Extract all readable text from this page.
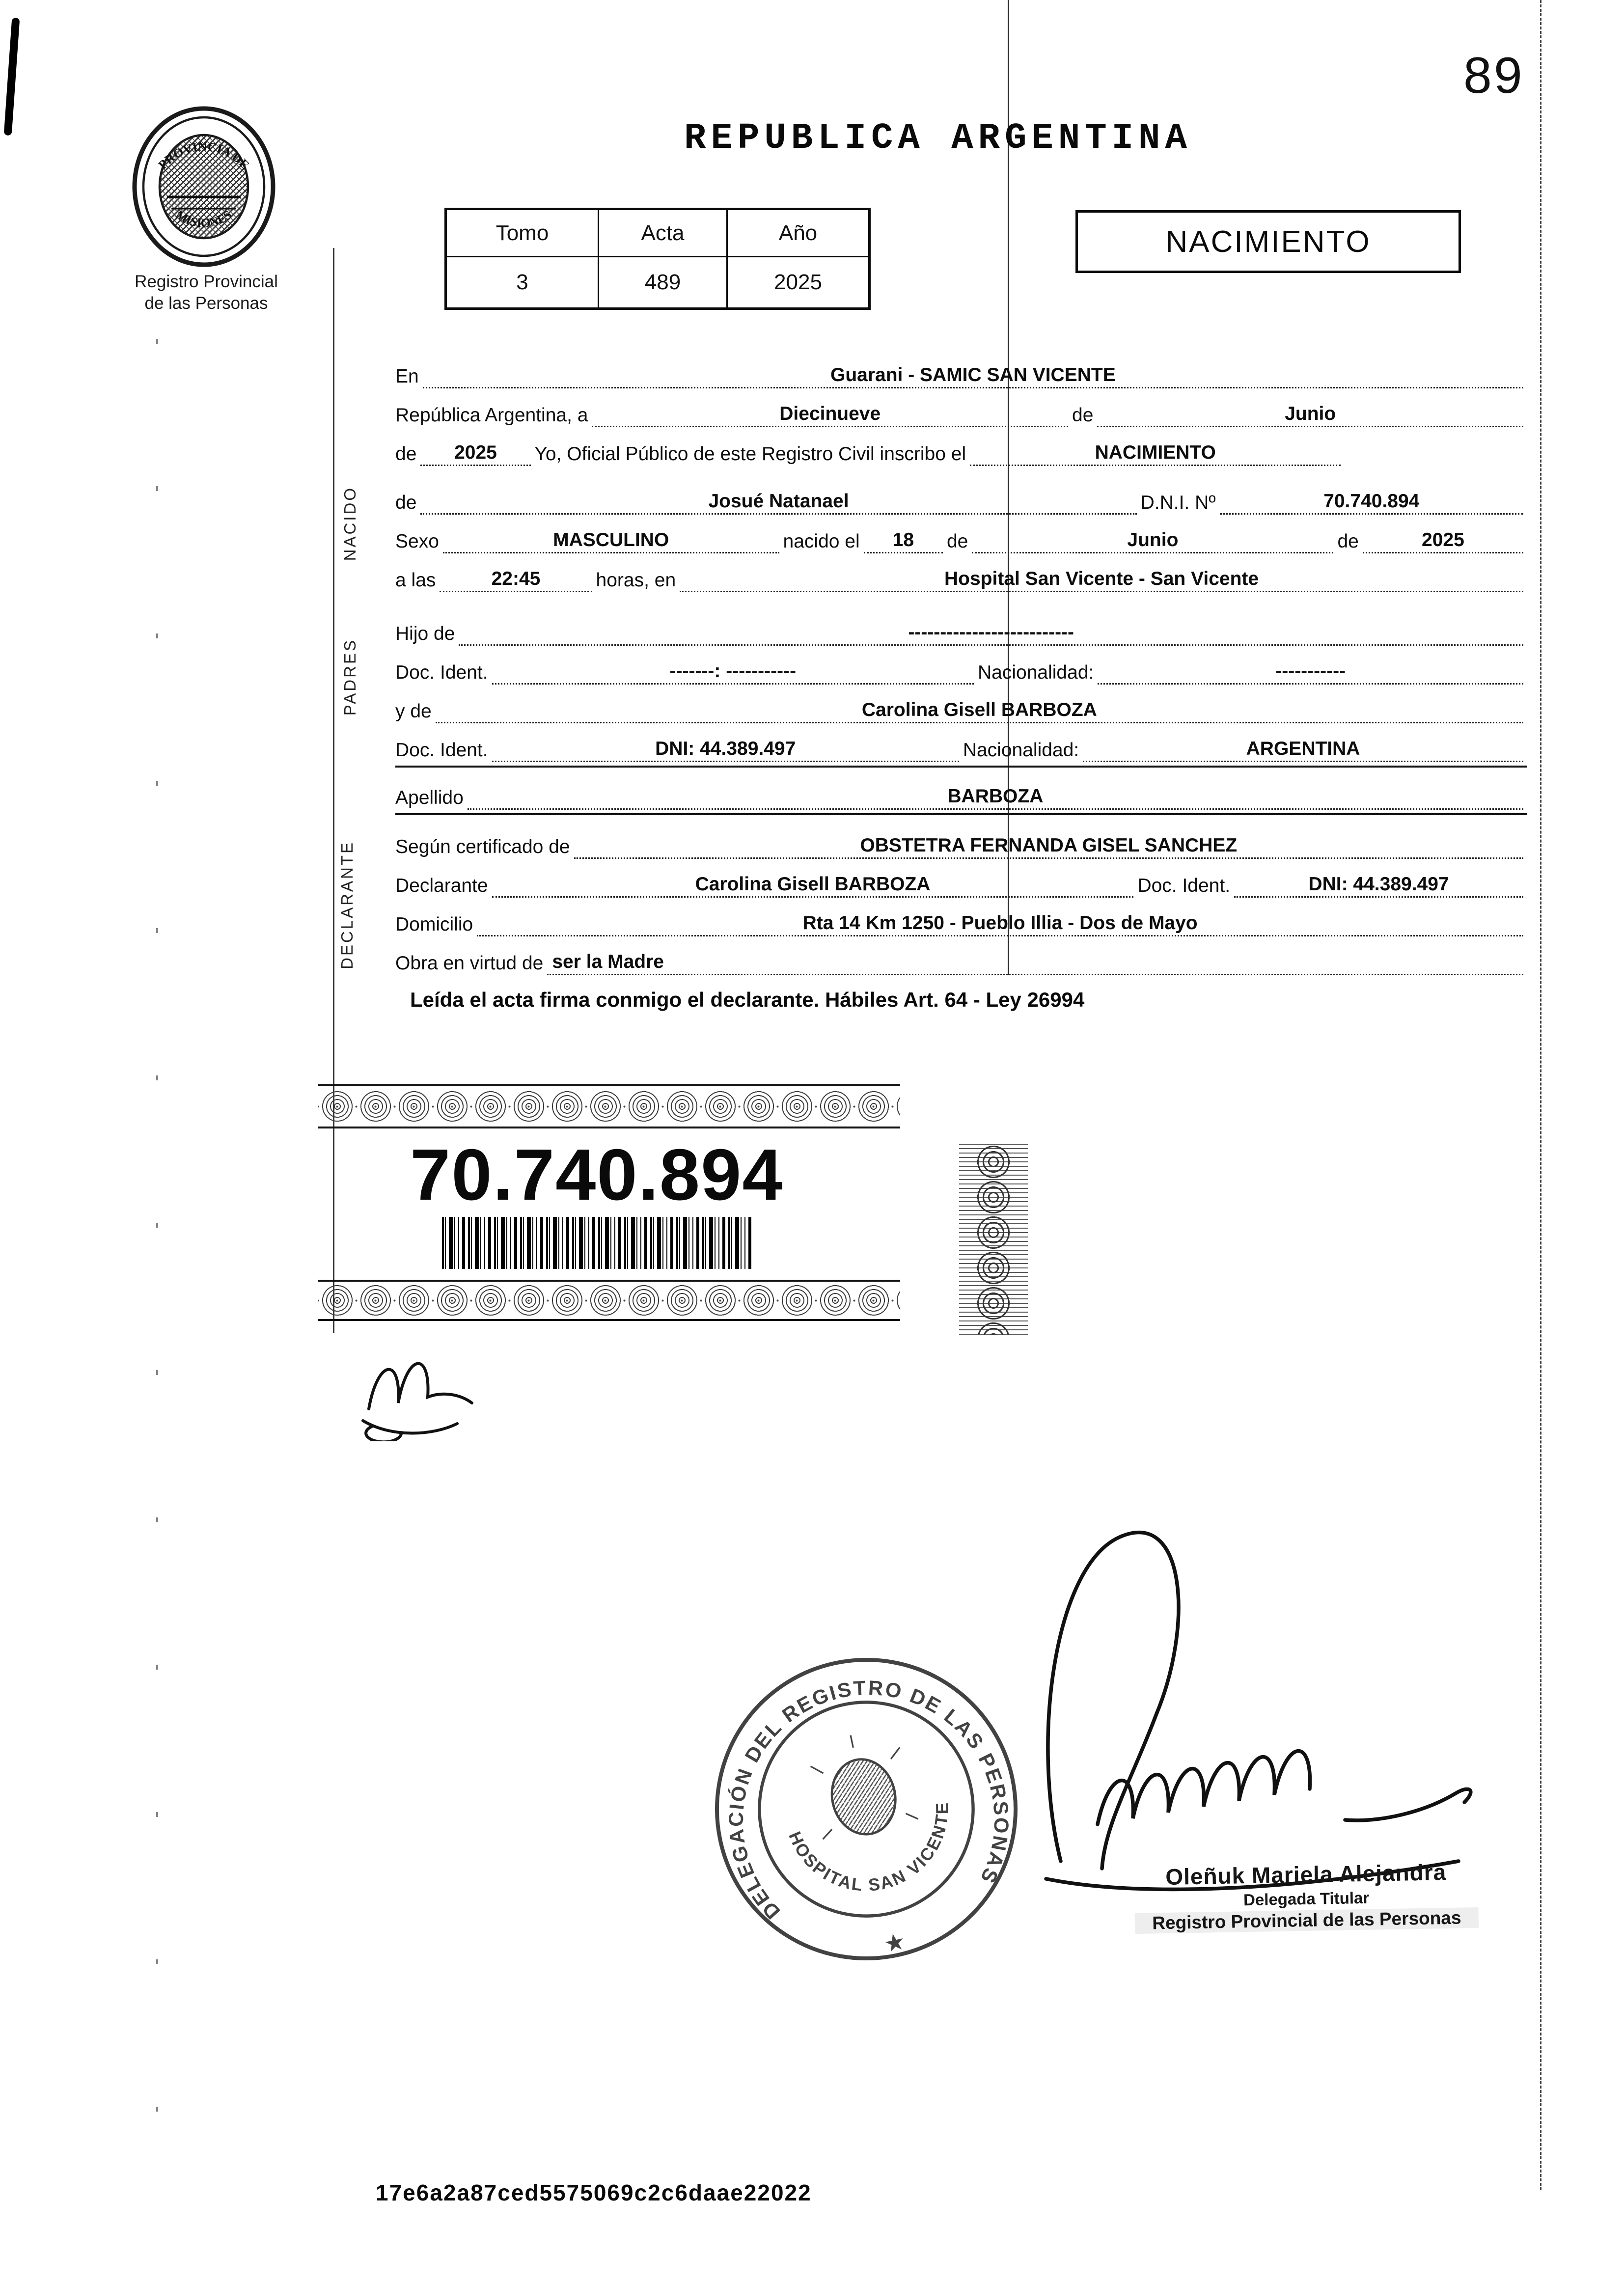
89
PROVINCIA DE
MISIONES
Registro Provincial
de las Personas
REPUBLICA ARGENTINA
Tomo	Acta	Año
3	489	2025
NACIMIENTO
NACIDO
PADRES
DECLARANTE
En	Guarani - SAMIC SAN VICENTE
República Argentina, a	Diecinueve	de	Junio
de	2025	Yo, Oficial Público de este Registro Civil inscribo el	NACIMIENTO
de	Josué Natanael	D.N.I. Nº	70.740.894
Sexo	MASCULINO	nacido el	18	de	Junio	de	2025
a las	22:45	horas, en	Hospital San Vicente - San Vicente
Hijo de	--------------------------
Doc. Ident.	-------: -----------	Nacionalidad:	-----------
y de	Carolina Gisell BARBOZA
Doc. Ident.	DNI: 44.389.497	Nacionalidad:	ARGENTINA
Apellido	BARBOZA
Según certificado de	OBSTETRA FERNANDA GISEL SANCHEZ
Declarante	Carolina Gisell BARBOZA	Doc. Ident.	DNI: 44.389.497
Domicilio	Rta 14 Km 1250 - Pueblo Illia - Dos de Mayo
Obra en virtud de ser la Madre
Leída el acta firma conmigo el declarante. Hábiles Art. 64 - Ley 26994
70.740.894
DELEGACIÓN DEL REGISTRO DE LAS PERSONAS
HOSPITAL SAN VICENTE
★
Oleñuk Mariela Alejandra
Delegada Titular
Registro Provincial de las Personas
17e6a2a87ced5575069c2c6daae22022
